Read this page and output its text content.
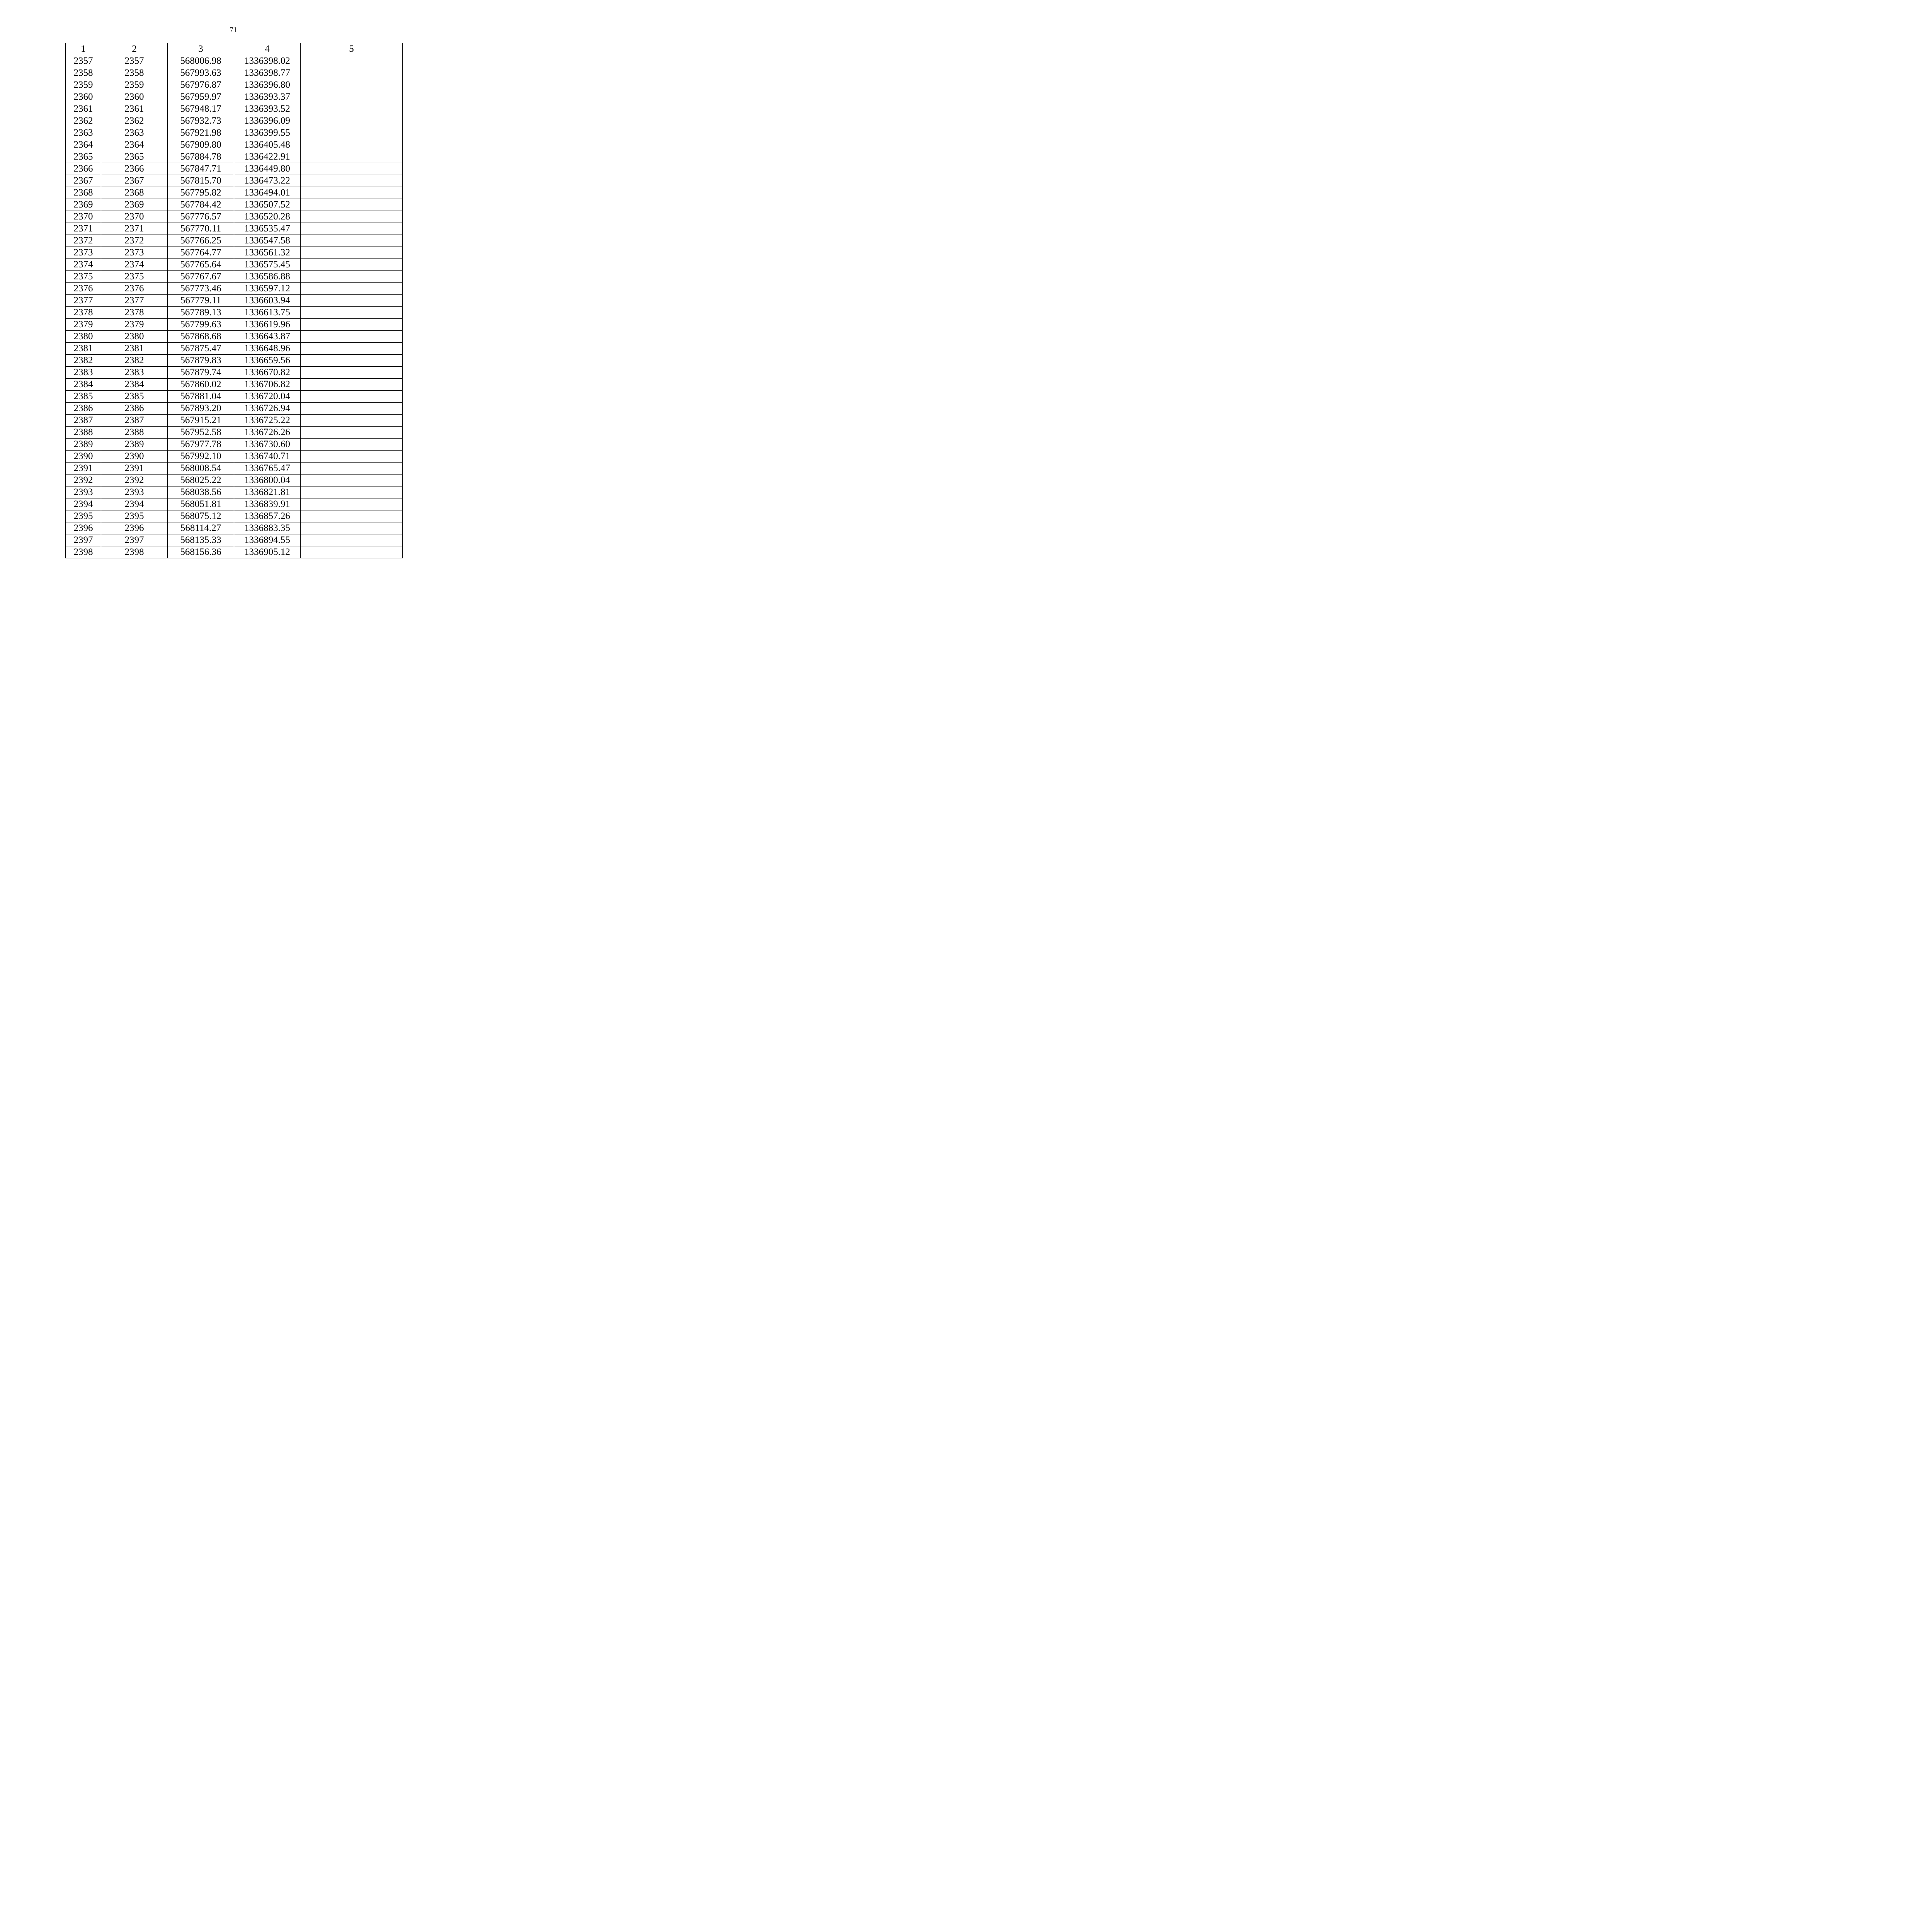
71
1	2	3	4	5
2357	2357	568006.98	1336398.02	
2358	2358	567993.63	1336398.77	
2359	2359	567976.87	1336396.80	
2360	2360	567959.97	1336393.37	
2361	2361	567948.17	1336393.52	
2362	2362	567932.73	1336396.09	
2363	2363	567921.98	1336399.55	
2364	2364	567909.80	1336405.48	
2365	2365	567884.78	1336422.91	
2366	2366	567847.71	1336449.80	
2367	2367	567815.70	1336473.22	
2368	2368	567795.82	1336494.01	
2369	2369	567784.42	1336507.52	
2370	2370	567776.57	1336520.28	
2371	2371	567770.11	1336535.47	
2372	2372	567766.25	1336547.58	
2373	2373	567764.77	1336561.32	
2374	2374	567765.64	1336575.45	
2375	2375	567767.67	1336586.88	
2376	2376	567773.46	1336597.12	
2377	2377	567779.11	1336603.94	
2378	2378	567789.13	1336613.75	
2379	2379	567799.63	1336619.96	
2380	2380	567868.68	1336643.87	
2381	2381	567875.47	1336648.96	
2382	2382	567879.83	1336659.56	
2383	2383	567879.74	1336670.82	
2384	2384	567860.02	1336706.82	
2385	2385	567881.04	1336720.04	
2386	2386	567893.20	1336726.94	
2387	2387	567915.21	1336725.22	
2388	2388	567952.58	1336726.26	
2389	2389	567977.78	1336730.60	
2390	2390	567992.10	1336740.71	
2391	2391	568008.54	1336765.47	
2392	2392	568025.22	1336800.04	
2393	2393	568038.56	1336821.81	
2394	2394	568051.81	1336839.91	
2395	2395	568075.12	1336857.26	
2396	2396	568114.27	1336883.35	
2397	2397	568135.33	1336894.55	
2398	2398	568156.36	1336905.12	
